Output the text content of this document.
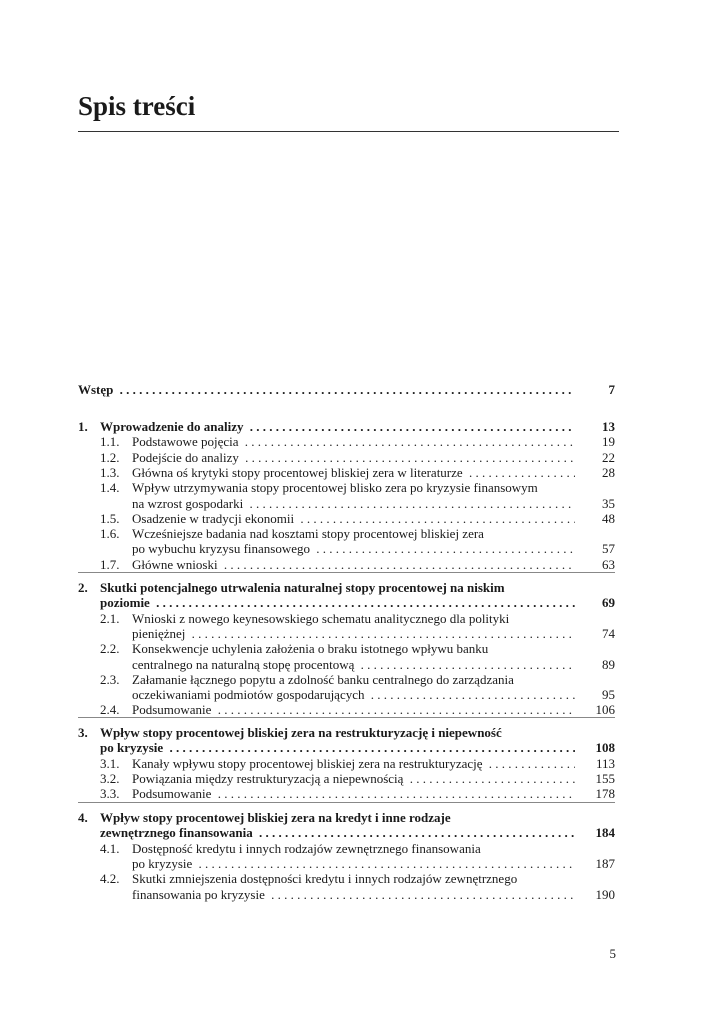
Spis treści
Wstęp . . .	7
1. Wprowadzenie do analizy . . .	13
1.1. Podstawowe pojęcia . . .	19
1.2. Podejście do analizy . . .	22
1.3. Główna oś krytyki stopy procentowej bliskiej zera w literaturze . . .	28
1.4. Wpływ utrzymywania stopy procentowej blisko zera po kryzysie finansowym
na wzrost gospodarki . . .	35
1.5. Osadzenie w tradycji ekonomii . . .	48
1.6. Wcześniejsze badania nad kosztami stopy procentowej bliskiej zera
po wybuchu kryzysu finansowego . . .	57
1.7. Główne wnioski . . .	63
2. Skutki potencjalnego utrwalenia naturalnej stopy procentowej na niskim
poziomie . . .	69
2.1. Wnioski z nowego keynesowskiego schematu analitycznego dla polityki
pieniężnej . . .	74
2.2. Konsekwencje uchylenia założenia o braku istotnego wpływu banku
centralnego na naturalną stopę procentową . . .	89
2.3. Załamanie łącznego popytu a zdolność banku centralnego do zarządzania
oczekiwaniami podmiotów gospodarujących . . .	95
2.4. Podsumowanie . . .	106
3. Wpływ stopy procentowej bliskiej zera na restrukturyzację i niepewność
po kryzysie . . .	108
3.1. Kanały wpływu stopy procentowej bliskiej zera na restrukturyzację . . .	113
3.2. Powiązania między restrukturyzacją a niepewnością . . .	155
3.3. Podsumowanie . . .	178
4. Wpływ stopy procentowej bliskiej zera na kredyt i inne rodzaje
zewnętrznego finansowania . . .	184
4.1. Dostępność kredytu i innych rodzajów zewnętrznego finansowania
po kryzysie . . .	187
4.2. Skutki zmniejszenia dostępności kredytu i innych rodzajów zewnętrznego
finansowania po kryzysie . . .	190
5
